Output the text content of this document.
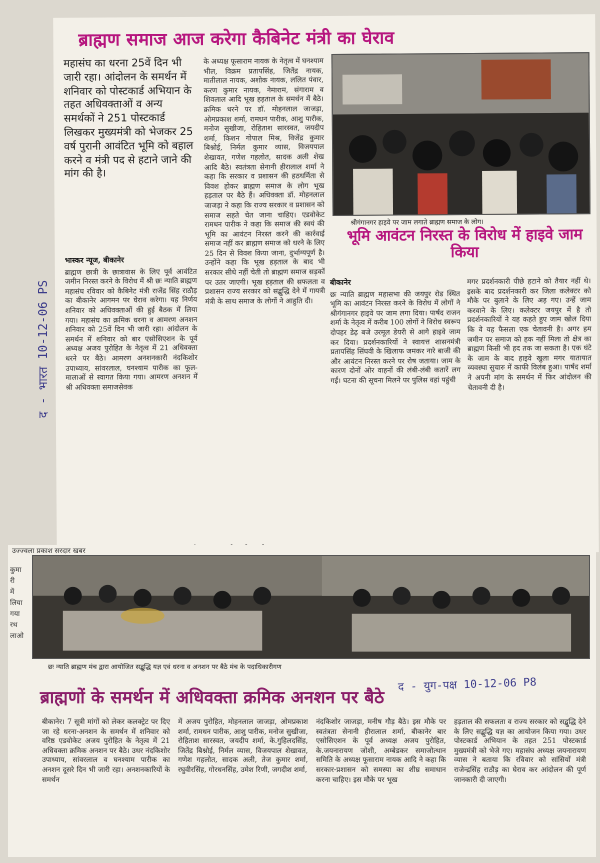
ब्राह्मण समाज आज करेगा कैबिनेट मंत्री का घेराव
महासंघ का धरना 25वें दिन भी जारी रहा। आंदोलन के समर्थन में शनिवार को पोस्टकार्ड अभियान के तहत अधिवक्ताओं व अन्य समर्थकों ने 251 पोस्टकार्ड लिखकर मुख्यमंत्री को भेजकर 25 वर्ष पुरानी आवंटित भूमि को बहाल करने व मंत्री पद से हटाने जाने की मांग की है।
भास्कर न्यूज, बीकानेर
ब्राह्मण छात्री के छात्रावास के लिए पूर्व आवंटित जमीन निरस्त करने के विरोध में श्री छः न्याति ब्राह्मण महासंघ रविवार को कैबिनेट मंत्री राजेंद्र सिंह राठौड़ का बीकानेर आगमन पर घेराव करेगा। यह निर्णय शनिवार को अधिवक्ताओं की हुई बैठक में लिया गया। महासंघ का क्रमिक धरना व आमरण अनशन शनिवार को 25वें दिन भी जारी रहा। आंदोलन के समर्थन में शनिवार को बार एसोसिएशन के पूर्व अध्यक्ष अजय पुरोहित के नेतृत्व में 21 अधिवक्ता धरने पर बैठे। आमरण अनशनकारी नंदकिशोर उपाध्याय, सांवरलाल, घनश्याम पारीक का फूल-मालाओं से स्वागत किया गया। आमरण अनशन में श्री अधिवक्ता समाजसेवक
के अध्यक्ष फूसाराम नायक के नेतृत्व में घनश्याम भील, विक्रम प्रतापसिंह, जितेंद्र नायक, मातीलाल नायक, अशोक नायक, ललित पंवार, करण कुमार नायक, नेमाराम, संगाराम व शिवलाल आदि भूख हड़ताल के समर्थन में बैठे। क्रमिक धरने पर डॉ. मोहनलाल जाजड़ा, ओमप्रकाश शर्मा, रामधन पारीक, आशु पारीक, मनोज सुखीजा, रोहिताश सारस्वत, जयदीप शर्मा, किशन गोपाल मिश्र, विजेंद्र कुमार बिश्नोई, निर्मल कुमार व्यास, विजयपाल शेखावत, गणेश गहलोत, सादक अली शेख आदि बैठे। स्वतंत्रता सेनानी हीरालाल शर्मा ने कहा कि सरकार व प्रशासन की हठधर्मिता से विवश होकर ब्राह्मण समाज के लोग भूख हड़ताल पर बैठे हैं। अधिवक्ता डॉ. मोहनलाल जाजड़ा ने कहा कि राज्य सरकार व प्रशासन को समाज सहते चेत जाना चाहिए। एडवोकेट रामधन पारीक ने कहा कि समाज की स्वयं की भूमि का आवंटन निरस्त करने की कार्रवाई समाज नहीं कर ब्राह्मण समाज को धरने के लिए 25 दिन से विवश किया जाना, दुर्भाग्यपूर्ण है। उन्होंने कहा कि भूख हड़ताल के बाद भी सरकार सीधे नहीं चेती तो ब्राह्मण समाज सड़कों पर उतर जाएगी। भूख हड़ताल की सफलता व प्रशासन राज्य सरकार को सद्बुद्धि देने में गायत्री मंत्री के साथ समाज के लोगों ने आहुति दी।
श्रीगंगानगर हाइवे पर जाम लगाते ब्राह्मण समाज के लोग।
भूमि आवंटन निरस्त के विरोध में हाइवे जाम किया
बीकानेर
छः न्याति ब्राह्मण महासभा की जयपुर रोड स्थित भूमि का आवंटन निरस्त करने के विरोध में लोगों ने श्रीगंगानगर हाइवे पर जाम लगा दिया। पार्षद राजन शर्मा के नेतृत्व में करीब 100 लोगों ने विरोध स्वरूप दोपहर डेढ़ बजे उरमूल डेयरी से आगे हाइवे जाम कर दिया। प्रदर्शनकारियों ने स्वायत्त शासनमंत्री प्रतापसिंह सिंघवी के खिलाफ जमकर नारे बाजी की और आवंटन निरस्त करने पर रोष जताया। जाम के कारण दोनों ओर वाहनों की लंबी-लंबी कतारें लग गईं। घटना की सूचना मिलने पर पुलिस वहां पहुंची
मगर प्रदर्शनकारी पीछे हटाने को तैयार नहीं थे। इसके बाद प्रदर्शनकारी कर जिला कलेक्टर को मौके पर बुलाने के लिए अड़ गए। उन्हें जाम करवाने के लिए। कलेक्टर जयपुर में है तो प्रदर्शनकारियों ने यह कहते हुए जाम खोल दिया कि वे यह फैसला एक चेतावनी है। अगर हम जमीन पर समाज को हक नहीं मिला तो क्षेत्र का ब्राह्मण किसी भी हद तक जा सकता है। एक घंटे के जाम के बाद हाइवे खुला मगर यातायात व्यवस्था सुचारु में काफी विलंब हुआ। पार्षद शर्मा ने अपनी मांग के समर्थन में फिर आंदोलन की चेतावनी दी है।
द - भारत 10-12-06 PS
उज्ज्वला प्रकाश सरदार खबर
छः न्याति ब्राह्मण मंच द्वारा आयोजित सद्बुद्धि यज्ञ एवं धरना व अनशन पर बैठे मंच के पदाधिकारीगण
द - युग-पक्ष 10-12-06 P8
ब्राह्मणों के समर्थन में अधिवक्ता क्रमिक अनशन पर बैठे
बीकानेर। 7 सूत्री मांगों को लेकर कलक्ट्रेट पर दिए जा रहे धरना-अनशन के समर्थन में शनिवार को वरिष्ठ एडवोकेट अजय पुरोहित के नेतृत्व में 21 अधिवक्ता क्रमिक अनशन पर बैठे। उधर नंदकिशोर उपाध्याय, सांवरलाल व घनश्याम पारीक का अनशन दूसरे दिन भी जारी रहा। अनशनकारियों के समर्थन
में अजय पुरोहित, मोहनलाल जाजड़ा, ओमप्रकाश शर्मा, रामधन पारीक, आशु पारीक, मनोज सुखीजा, रोहिताश सारस्वत, जयदीप शर्मा, के.गुहिलदसिंह, जितेंद्र बिश्नोई, निर्मल व्यास, विजयपाल शेखावत, गणेश गहलोत, सादक अली, तेज कुमार शर्मा, रघुवीरसिंह, गोरधनसिंह, उमेश रिणी, जगदीश शर्मा,
नंदकिशोर जाजड़ा, मनीष गौड़ बैठे। इस मौके पर स्वतंत्रता सेनानी हीरालाल शर्मा, बीकानेर बार एसोसिएशन के पूर्व अध्यक्ष अजय पुरोहित, के.जयनारायण जोशी, अम्बेडकर समाजोत्थान समिति के अध्यक्ष फूसाराम नायक आदि ने कहा कि सरकार-प्रशासन को समस्या का शीघ्र समाधान करना चाहिए। इस मौके पर भूख
हड़ताल की सफलता व राज्य सरकार को सद्बुद्धि देने के लिए सद्बुद्धि यज्ञ का आयोजन किया गया। उधर पोस्टकार्ड अभियान के तहत 251 पोस्टकार्ड मुख्यमंत्री को भेजे गए। महासंघ अध्यक्ष जयनारायण व्यास ने बताया कि रविवार को सांसियों मंत्री राजेन्द्रसिंह राठौड़ का घेराव कर आंदोलन की पूर्ण जानकारी दी जाएगी।
कुमारी में लिया गया रथ लाओ
